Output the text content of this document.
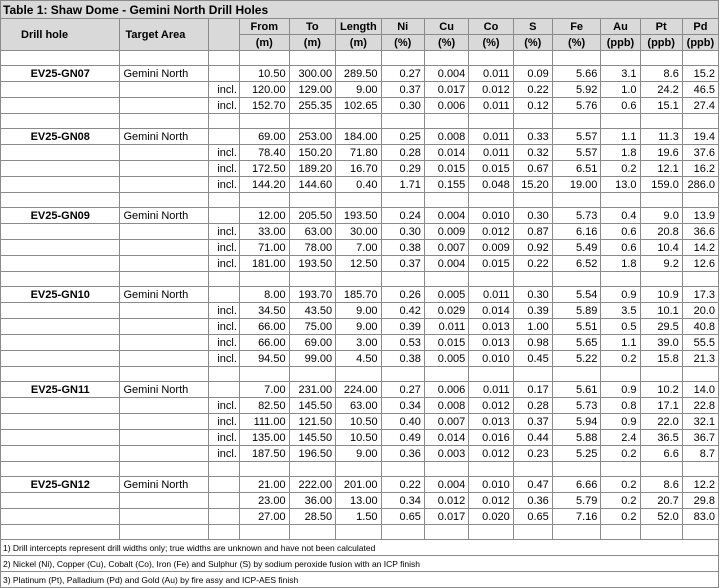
Table 1: Shaw Dome - Gemini North Drill Holes													
Drill hole	Target Area		From	To	Length	Ni	Cu	Co	S	Fe	Au	Pt	Pd
			(m)	(m)	(m)	(%)	(%)	(%)	(%)	(%)	(ppb)	(ppb)	(ppb)

EV25-GN07	Gemini North		10.50	300.00	289.50	0.27	0.004	0.011	0.09	5.66	3.1	8.6	15.2
		incl.	120.00	129.00	9.00	0.37	0.017	0.012	0.22	5.92	1.0	24.2	46.5
		incl.	152.70	255.35	102.65	0.30	0.006	0.011	0.12	5.76	0.6	15.1	27.4

EV25-GN08	Gemini North		69.00	253.00	184.00	0.25	0.008	0.011	0.33	5.57	1.1	11.3	19.4
		incl.	78.40	150.20	71.80	0.28	0.014	0.011	0.32	5.57	1.8	19.6	37.6
		incl.	172.50	189.20	16.70	0.29	0.015	0.015	0.67	6.51	0.2	12.1	16.2
		incl.	144.20	144.60	0.40	1.71	0.155	0.048	15.20	19.00	13.0	159.0	286.0

EV25-GN09	Gemini North		12.00	205.50	193.50	0.24	0.004	0.010	0.30	5.73	0.4	9.0	13.9
		incl.	33.00	63.00	30.00	0.30	0.009	0.012	0.87	6.16	0.6	20.8	36.6
		incl.	71.00	78.00	7.00	0.38	0.007	0.009	0.92	5.49	0.6	10.4	14.2
		incl.	181.00	193.50	12.50	0.37	0.004	0.015	0.22	6.52	1.8	9.2	12.6

EV25-GN10	Gemini North		8.00	193.70	185.70	0.26	0.005	0.011	0.30	5.54	0.9	10.9	17.3
		incl.	34.50	43.50	9.00	0.42	0.029	0.014	0.39	5.89	3.5	10.1	20.0
		incl.	66.00	75.00	9.00	0.39	0.011	0.013	1.00	5.51	0.5	29.5	40.8
		incl.	66.00	69.00	3.00	0.53	0.015	0.013	0.98	5.65	1.1	39.0	55.5
		incl.	94.50	99.00	4.50	0.38	0.005	0.010	0.45	5.22	0.2	15.8	21.3

EV25-GN11	Gemini North		7.00	231.00	224.00	0.27	0.006	0.011	0.17	5.61	0.9	10.2	14.0
		incl.	82.50	145.50	63.00	0.34	0.008	0.012	0.28	5.73	0.8	17.1	22.8
		incl.	111.00	121.50	10.50	0.40	0.007	0.013	0.37	5.94	0.9	22.0	32.1
		incl.	135.00	145.50	10.50	0.49	0.014	0.016	0.44	5.88	2.4	36.5	36.7
		incl.	187.50	196.50	9.00	0.36	0.003	0.012	0.23	5.25	0.2	6.6	8.7

EV25-GN12	Gemini North		21.00	222.00	201.00	0.22	0.004	0.010	0.47	6.66	0.2	8.6	12.2
			23.00	36.00	13.00	0.34	0.012	0.012	0.36	5.79	0.2	20.7	29.8
			27.00	28.50	1.50	0.65	0.017	0.020	0.65	7.16	0.2	52.0	83.0

1) Drill intercepts represent drill widths only; true widths are unknown and have not been calculated													
2) Nickel (Ni), Copper (Cu), Cobalt (Co), Iron (Fe) and Sulphur (S) by sodium peroxide fusion with an ICP finish													
3) Platinum (Pt), Palladium (Pd) and Gold (Au) by fire assy and ICP-AES finish													
